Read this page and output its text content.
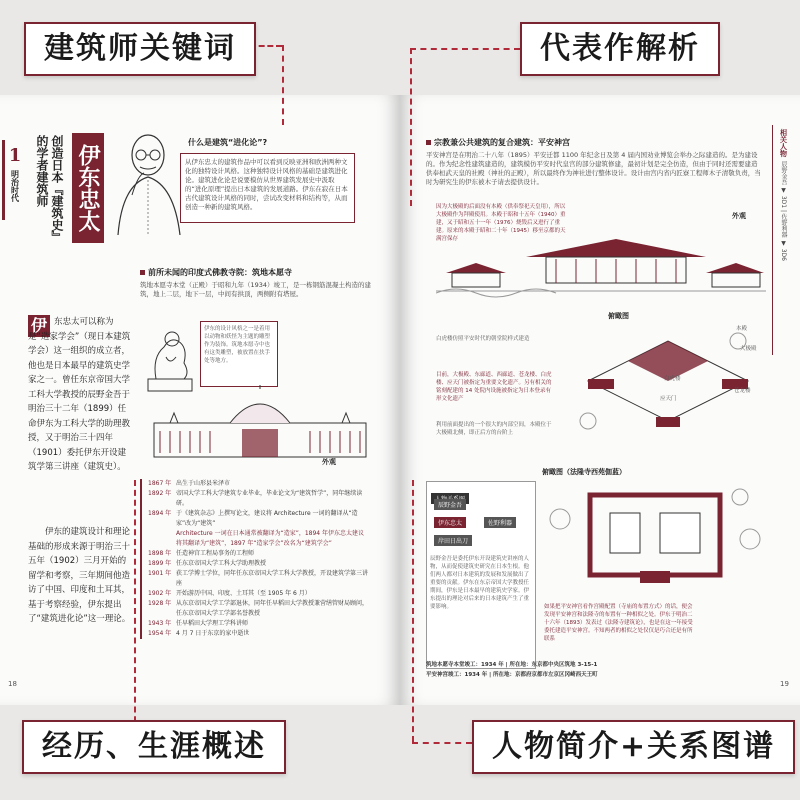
1
明治时代	创造日本『建筑史』的学者建筑师	伊东忠太
什么是建筑“进化论”?
从伊东忠太的建筑作品中可以看到反映亚洲和欧洲两种文化的独特设计风格。这种独特设计风格的基础是建筑进化论。建筑进化论是说要模仿从世界建筑发展史中汲取的“进化原理”提出日本建筑的发展道路。伊东在寂在日本古代建筑设计风格的同时，尝试改变材料和结构等，从而创造一种新的建筑风格。
前所未闻的印度式佛教寺院：筑地本愿寺
筑地本愿寺本堂（正殿）于昭和九年（1934）竣工，是一栋钢筋混凝土构造的建筑，地上二层，地下一层，中间有拱顶，两侧附有塔屋。
伊东的设计风格之一是着用以动物和妖怪为主题的雕塑作为装饰。筑地本愿寺中也有这类雕塑，被放置在扶手处等地方。
外观
伊 东忠太可以称为是“造家学会”（现日本建筑学会）这一组织的成立者，他也是日本最早的建筑史学家之一。曾任东京帝国大学工科大学教授的辰野金吾于明治三十二年（1899）任命伊东为工科大学的助理教授，又于明治三十四年（1901）委托伊东开设建筑学第三讲座（建筑史）。
伊东的建筑设计和理论基础的形成来源于明治三十五年（1902）三月开始的留学和考察，三年期间他造访了中国、印度和土耳其，基于考察经验，伊东提出了“建筑进化论”这一理论。
1867 年 出生于山形县米泽市
1892 年 帝国大学工科大学建筑专业毕业，毕业论文为“建筑哲学”，同年继续读研。
1894 年 于《建筑杂志》上撰写论文，建议将 Architecture 一词的翻译从“造家”改为“建筑”
Architecture 一词在日本通常被翻译为“造家”，1894 年伊东忠太建议将其翻译为“建筑”，1897 年“造家学会”改名为“建筑学会”
1898 年 任造神宫工程局事务的工程师
1899 年 任东京帝国大学工科大学助理教授
1901 年 获工学博士学位，同年任东京帝国大学工科大学教授，开设建筑学第三讲座
1902 年 开始游历中国、印度、土耳其（至 1905 年 6 月）
1928 年 从东京帝国大学工学部退休，同年任早稻田大学教授兼营缮管财局顾问，任东京帝国大学工学部名誉教授
1943 年 任早稻田大学理工学科讲师
1954 年 4 月 7 日于东京的家中逝世
18
宗教兼公共建筑的复合建筑：平安神宫
平安神宫是在明治二十八年（1895）平安迁都 1100 年纪念日及第 4 届内国劝业博览会举办之际建造的。是为建设的。作为纪念性建筑建造的，建筑模仿平安时代皇宫的部分建筑修建，最初计划是完全仿造，但由于同时还需要建造供奉桓武天皇的社殿（神社的正殿），所以最终作为神社进行整体设计。设计由宫内省内匠寮工程师木子清敬负责，当时为研究生的伊东被木子请去提供设计。
因为大极殿的后面没有本殿（供奉祭祀天皇用），所以大极殿作为拜殿使用。本殿于昭和十五年（1940）重建，又于昭和五十一年（1976）烧毁后又进行了重建。原来的本殿于昭和二十年（1945）移至京都的天满宫保存
外观
俯瞰图
白虎楼仿照平安时代的朝堂院样式建造
目前，大极殿、东廊道、西廊道、苍龙楼、白虎楼、应天门被指定为重要文化遗产。另有相关的铭刻配建的 14 处院内设施被指定为日本登录有形文化遗产
利用前面提出的一个很大的内部空间，本殿位于大极殿北侧，即正后方的台阶上
本殿
大极殿
白虎楼
苍龙楼
应天门
俯瞰图（法隆寺西苑伽蓝）
辰野金吾
伊东忠太	佐野利器
岸田日出刀
辰野金吾是委托伊东开设建筑史讲座的人物，从而促使建筑史研究在日本生根。他们两人都对日本建筑的发展和发展做出了重要的贡献。伊东在东京帝国大学教授任期间，伊东是日本最早的建筑史学家。伊东提出的理论对后来的日本建筑产生了重要影响。	如果把平安神宫看作宫殿配置（寺庙的布置方式）的话，便会发现平安神宫和法隆寺的布置有一种相似之处。伊东于明治二十六年（1893）发表过《法隆寺建筑论》，也是在这一年接受委托建造平安神宫。不知两者的相似之处仅仅是巧合还是有所联系
筑地本愿寺本堂竣工：1934 年 | 所在地：东京都中央区筑地 3-15-1
平安神宫竣工：1934 年 | 所在地：京都府京都市左京区冈崎西天王町
相关人物
辰野金吾 ▼ 3D1 | 佐野利器 ▼ 3D6
19
建筑师关键词	代表作解析
经历、生涯概述	人物简介+关系图谱
